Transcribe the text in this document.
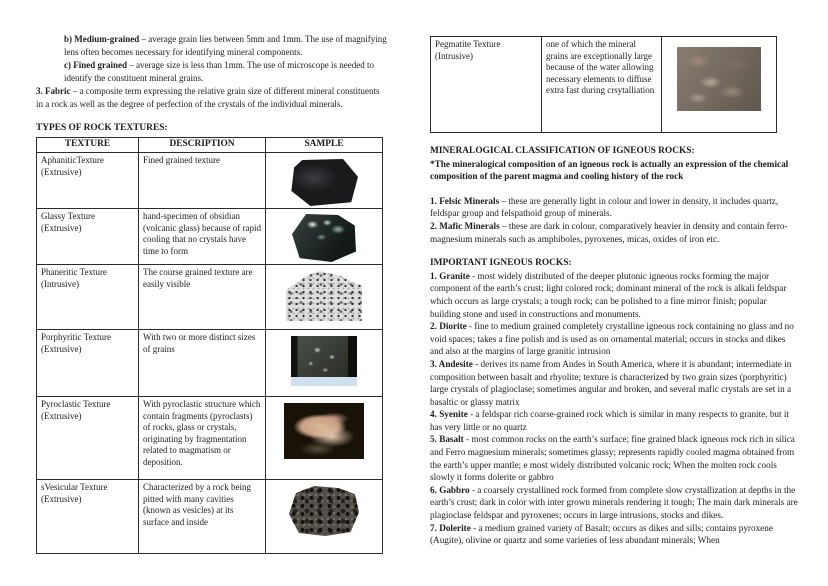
b) Medium-grained – average grain lies between 5mm and 1mm. The use of magnifying lens often becomes necessary for identifying mineral components.
c) Fined grained – average size is less than 1mm. The use of microscope is needed to identify the constituent mineral grains.
3. Fabric – a composite term expressing the relative grain size of different mineral constituents in a rock as well as the degree of perfection of the crystals of the individual minerals.
TYPES OF ROCK TEXTURES:
TEXTURE	DESCRIPTION	SAMPLE

AphaniticTexture
(Extrusive)	Fined grained texture	

Glassy Texture
(Extrusive)	hand-specimen of obsidian (volcanic glass) because of rapid cooling that no crystals have time to form	

Phaneritic Texture
(Intrusive)	The course grained texture are easily visible	

Porphyritic Texture
(Extrusive)	With two or more distinct sizes of grains	

Pyroclastic Texture
(Extrusive)	With pyroclastic structure which contain fragments (pyroclasts) of rocks, glass or crystals, originating by fragmentation related to magmatism or deposition.	

sVesicular Texture
(Extrusive)	Characterized by a rock being pitted with many cavities (known as vesicles) at its surface and inside	
Pegmatite Texture
(Intrusive)
	one of which the mineral grains are exceptionally large because of the water allowing necessary elements to diffuse extra fast during crsytalliation	
MINERALOGICAL CLASSIFICATION OF IGNEOUS ROCKS:
*The mineralogical composition of an igneous rock is actually an expression of the chemical composition of the parent magma and cooling history of the rock
1. Felsic Minerals – these are generally light in colour and lower in density, it includes quartz, feldspar group and felspathoid group of minerals.
2. Mafic Minerals – these are dark in colour, comparatively heavier in density and contain ferro-magnesium minerals such as amphiboles, pyroxenes, micas, oxides of iron etc.
IMPORTANT IGNEOUS ROCKS:
1. Granite - most widely distributed of the deeper plutonic igneous rocks forming the major component of the earth’s crust; light colored rock; dominant mineral of the rock is alkali feldspar which occurs as large crystals; a tough rock; can be polished to a fine mirror finish; popular building stone and used in constructions and monuments.
2. Diorite - fine to medium grained completely crystalline igneous rock containing no glass and no void spaces; takes a fine polish and is used as on ornamental material; occurs in stocks and dikes and also at the margins of large granitic intrusion
3. Andesite - derives its name from Andes in South America, where it is abundant; intermediate in composition between basalt and rhyolite; texture is characterized by two grain sizes (porphyritic) large crystals of plagioclase; sometimes angular and broken, and several mafic crystals are set in a basaltic or glassy matrix
4. Syenite - a feldspar rich coarse-grained rock which is similar in many respects to granite, but it has very little or no quartz
5. Basalt - most common rocks on the earth’s surface; fine grained black igneous rock rich in silica and Ferro magnesium minerals; sometimes glassy; represents rapidly cooled magma obtained from the earth’s upper mantle; e most widely distributed volcanic rock; When the molten rock cools slowly it forms dolerite or gabbro
6. Gabbro - a coarsely crystallined rock formed from complete slow crystallization at depths in the earth’s crust; dark in color with inter grown minerals rendering it tough; The main dark minerals are plagioclase feldspar and pyroxenes; occurs in large intrusions, stocks and dikes.
7. Dolerite - a medium grained variety of Basalt; occurs as dikes and sills; contains pyroxene (Augite), olivine or quartz and some varieties of less abundant minerals; When
